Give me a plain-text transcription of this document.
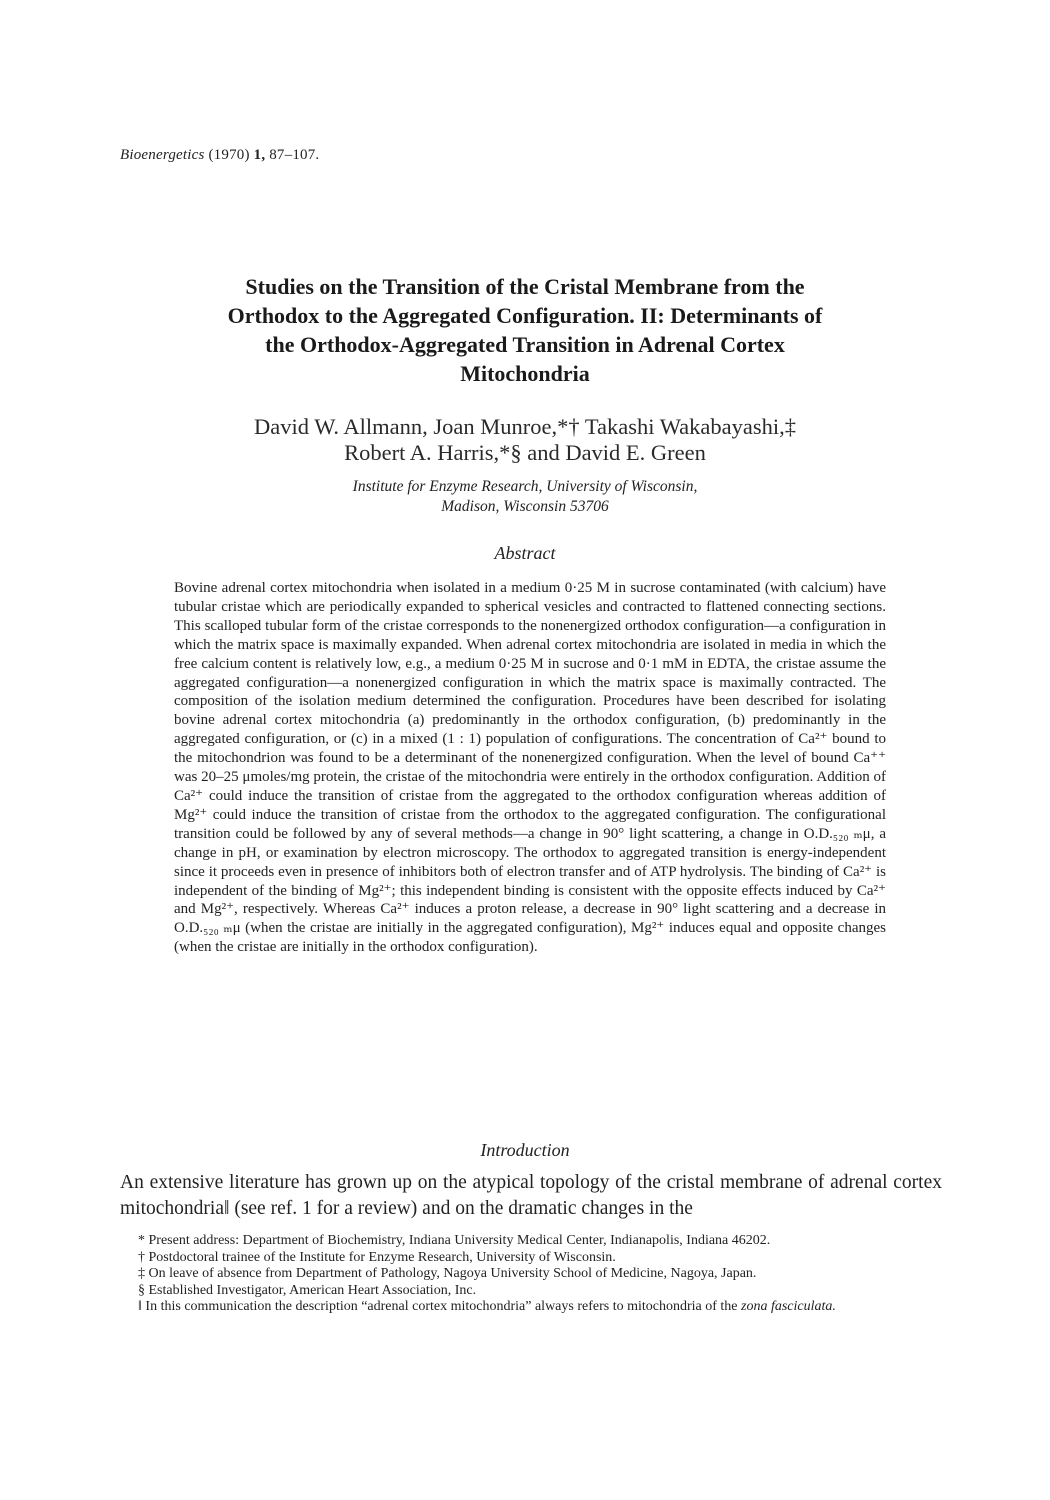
Bioenergetics (1970) 1, 87–107.
Studies on the Transition of the Cristal Membrane from the
Orthodox to the Aggregated Configuration. II: Determinants of
the Orthodox-Aggregated Transition in Adrenal Cortex
Mitochondria
David W. Allmann, Joan Munroe,*† Takashi Wakabayashi,‡
Robert A. Harris,*§ and David E. Green
Institute for Enzyme Research, University of Wisconsin,
Madison, Wisconsin 53706
Abstract
Bovine adrenal cortex mitochondria when isolated in a medium 0·25 M in sucrose contaminated (with calcium) have tubular cristae which are periodically expanded to spherical vesicles and contracted to flattened connecting sections. This scalloped tubular form of the cristae corresponds to the nonenergized orthodox configuration—a configuration in which the matrix space is maximally expanded. When adrenal cortex mitochondria are isolated in media in which the free calcium content is relatively low, e.g., a medium 0·25 M in sucrose and 0·1 mM in EDTA, the cristae assume the aggregated configuration—a nonenergized configuration in which the matrix space is maximally contracted. The composition of the isolation medium determined the configuration. Procedures have been described for isolating bovine adrenal cortex mitochondria (a) predominantly in the orthodox configuration, (b) predominantly in the aggregated configuration, or (c) in a mixed (1 : 1) population of configurations. The concentration of Ca²⁺ bound to the mitochondrion was found to be a determinant of the nonenergized configuration. When the level of bound Ca⁺⁺ was 20–25 μmoles/mg protein, the cristae of the mitochondria were entirely in the orthodox configuration. Addition of Ca²⁺ could induce the transition of cristae from the aggregated to the orthodox configuration whereas addition of Mg²⁺ could induce the transition of cristae from the orthodox to the aggregated configuration. The configurational transition could be followed by any of several methods—a change in 90° light scattering, a change in O.D.₅₂₀ ₘμ, a change in pH, or examination by electron microscopy. The orthodox to aggregated transition is energy-independent since it proceeds even in presence of inhibitors both of electron transfer and of ATP hydrolysis. The binding of Ca²⁺ is independent of the binding of Mg²⁺; this independent binding is consistent with the opposite effects induced by Ca²⁺ and Mg²⁺, respectively. Whereas Ca²⁺ induces a proton release, a decrease in 90° light scattering and a decrease in O.D.₅₂₀ ₘμ (when the cristae are initially in the aggregated configuration), Mg²⁺ induces equal and opposite changes (when the cristae are initially in the orthodox configuration).
Introduction
An extensive literature has grown up on the atypical topology of the cristal membrane of adrenal cortex mitochondria‖ (see ref. 1 for a review) and on the dramatic changes in the

* Present address: Department of Biochemistry, Indiana University Medical Center, Indianapolis, Indiana 46202.

† Postdoctoral trainee of the Institute for Enzyme Research, University of Wisconsin.

‡ On leave of absence from Department of Pathology, Nagoya University School of Medicine, Nagoya, Japan.

§ Established Investigator, American Heart Association, Inc.

‖ In this communication the description “adrenal cortex mitochondria” always refers to mitochondria of the zona fasciculata.
